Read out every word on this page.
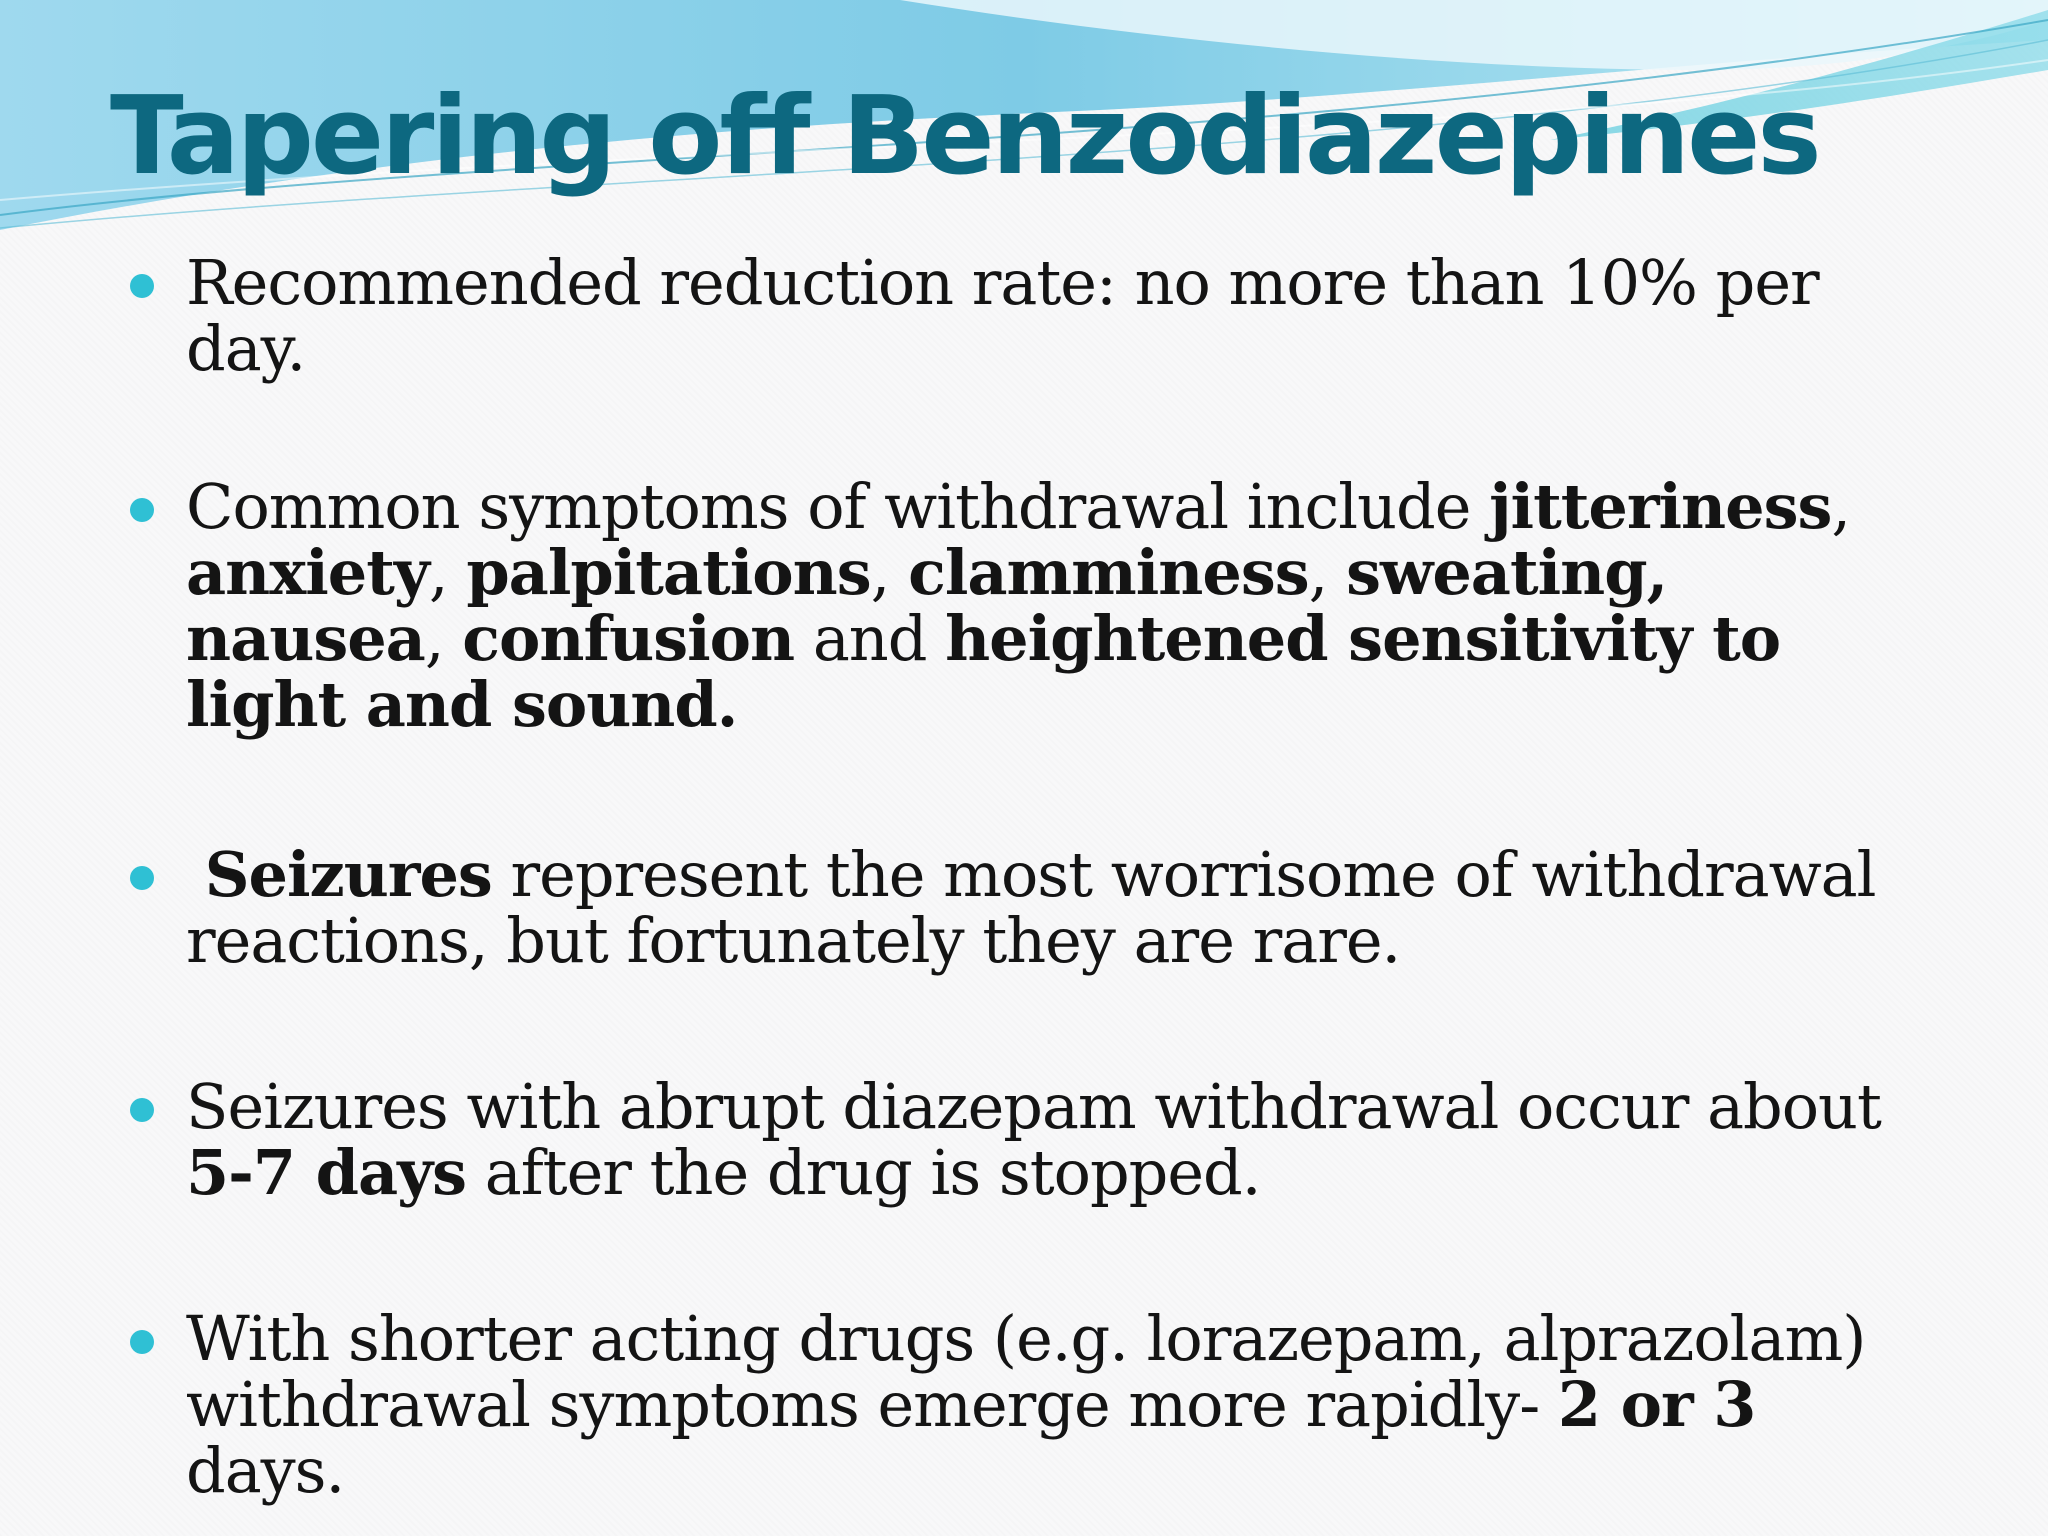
Tapering off Benzodiazepines
Recommended reduction rate: no more than 10% per day.
Common symptoms of withdrawal include jitteriness, anxiety, palpitations, clamminess, sweating, nausea, confusion and heightened sensitivity to light and sound.
Seizures represent the most worrisome of withdrawal reactions, but fortunately they are rare.
Seizures with abrupt diazepam withdrawal occur about 5-7 days after the drug is stopped.
With shorter acting drugs (e.g. lorazepam, alprazolam) withdrawal symptoms emerge more rapidly- 2 or 3 days.
